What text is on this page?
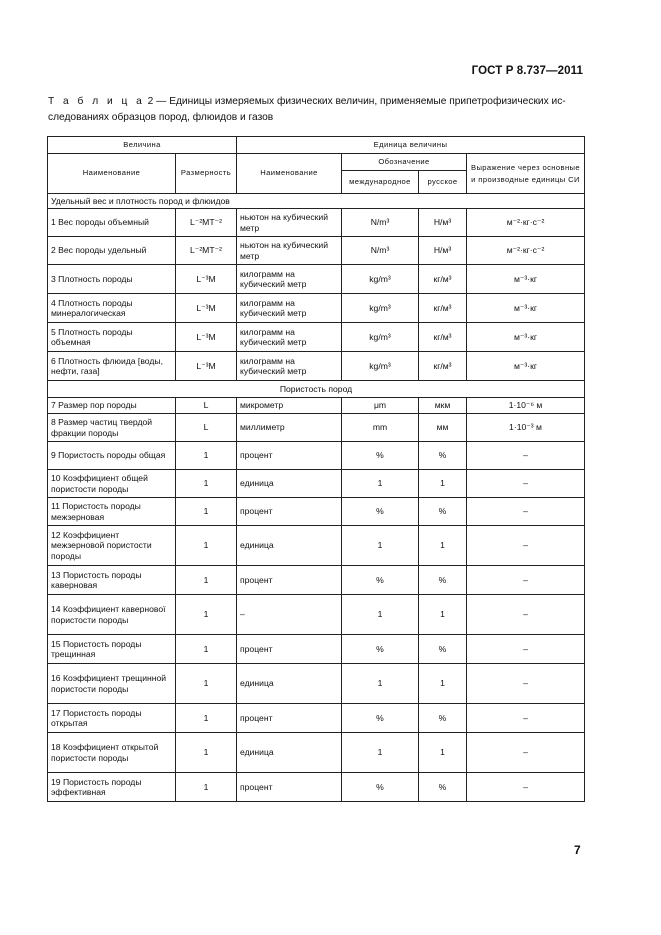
ГОСТ Р 8.737—2011
Т а б л и ц а 2 — Единицы измеряемых физических величин, применяемые припетрофизических ис-
следованиях образцов пород, флюидов и газов
Величина		Единица величины			
Наименование	Размерность	Наименование	Обозначение		Выражение через основные и производные единицы СИ
			международное	русское	
Удельный вес и плотность пород и флюидов					
1 Вес породы объемный	L⁻²MT⁻²	ньютон на кубический метр	N/m³	Н/м³	м⁻²·кг·с⁻²
2 Вес породы удельный	L⁻²MT⁻²	ньютон на кубический метр	N/m³	Н/м³	м⁻²·кг·с⁻²
3 Плотность породы	L⁻³M	килограмм на кубический метр	kg/m³	кг/м³	м⁻³·кг
4 Плотность породы минералогическая	L⁻³M	килограмм на кубический метр	kg/m³	кг/м³	м⁻³·кг
5 Плотность породы объемная	L⁻³M	килограмм на кубический метр	kg/m³	кг/м³	м⁻³·кг
6 Плотность флюида [воды, нефти, газа]	L⁻³M	килограмм на кубический метр	kg/m³	кг/м³	м⁻³·кг
Пористость пород					
7 Размер пор породы	L	микрометр	μm	мкм	1·10⁻⁶ м
8 Размер частиц твердой фракции породы	L	миллиметр	mm	мм	1·10⁻³ м
9 Пористость породы общая	1	процент	%	%	–
10 Коэффициент общей пористости породы	1	единица	1	1	–
11 Пористость породы межзерновая	1	процент	%	%	–
12 Коэффициент межзерновой пористости породы	1	единица	1	1	–
13 Пористость породы каверновая	1	процент	%	%	–
14 Коэффициент кавернової пористости породы	1	–	1	1	–
15 Пористость породы трещинная	1	процент	%	%	–
16 Коэффициент трещинной пористости породы	1	единица	1	1	–
17 Пористость породы открытая	1	процент	%	%	–
18 Коэффициент открытой пористости породы	1	единица	1	1	–
19 Пористость породы эффективная	1	процент	%	%	–
7
